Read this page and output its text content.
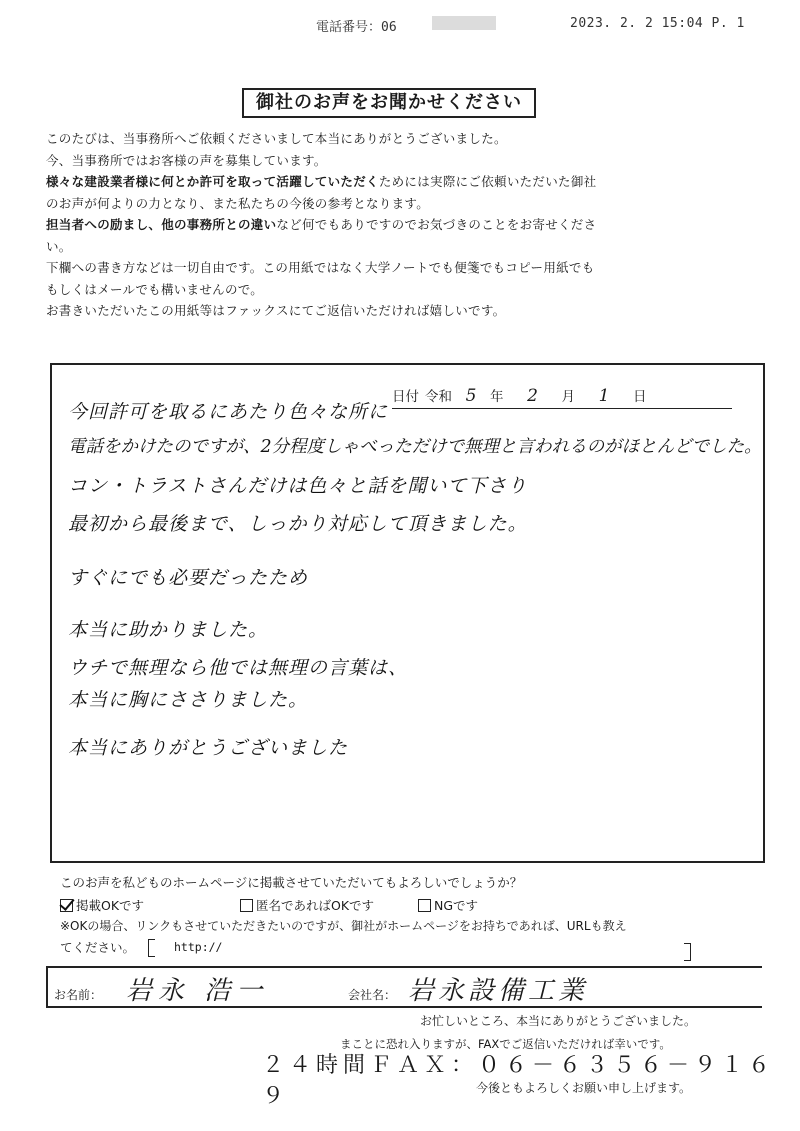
電話番号：06	2023. 2. 2 15:04 P. 1
御社のお声をお聞かせください

このたびは、当事務所へご依頼くださいまして本当にありがとうございました。

今、当事務所ではお客様の声を募集しています。

様々な建設業者様に何とか許可を取って活躍していただくためには実際にご依頼いただいた御社

のお声が何よりの力となり、また私たちの今後の参考となります。

担当者への励まし、他の事務所との違いなど何でもありですのでお気づきのことをお寄せくださ

い。

下欄への書き方などは一切自由です。この用紙ではなく大学ノートでも便箋でもコピー用紙でも

もしくはメールでも構いませんので。

お書きいただいたこの用紙等はファックスにてご返信いただければ嬉しいです。

日付 令和 5	年	2	月	1	日
今回許可を取るにあたり色々な所に
電話をかけたのですが、2分程度しゃべっただけで無理と言われるのがほとんどでした。
コン・トラストさんだけは色々と話を聞いて下さり
最初から最後まで、しっかり対応して頂きました。
すぐにでも必要だったため
本当に助かりました。
ウチで無理なら他では無理の言葉は、
本当に胸にささりました。
本当にありがとうございました

このお声を私どものホームページに掲載させていただいてもよろしいでしょうか？

掲載OKです	匿名であればOKです	NGです

※OKの場合、リンクもさせていただきたいのですが、御社がホームページをお持ちであれば、URLも教え

てください。	http://
お名前： 岩永 浩一	会社名： 岩永設備工業
お忙しいところ、本当にありがとうございました。
まことに恐れ入りますが、FAXでご返信いただければ幸いです。
２４時間ＦＡＸ：０６－６３５６－９１６９	今後ともよろしくお願い申し上げます。
